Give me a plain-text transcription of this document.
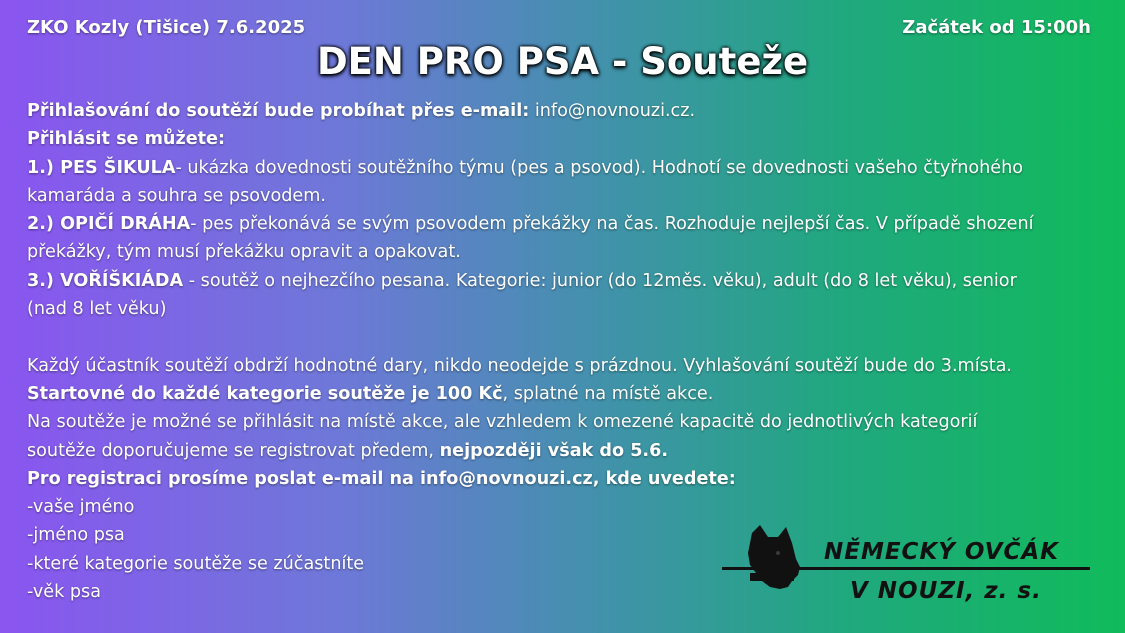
ZKO Kozly (Tišice) 7.6.2025	Začátek od 15:00h
DEN PRO PSA - Souteže
Přihlašování do soutěží bude probíhat přes e-mail: info@novnouzi.cz.
Přihlásit se můžete:
1.) PES ŠIKULA- ukázka dovednosti soutěžního týmu (pes a psovod). Hodnotí se dovednosti vašeho čtyřnohého
kamaráda a souhra se psovodem.
2.) OPIČÍ DRÁHA- pes překonává se svým psovodem překážky na čas. Rozhoduje nejlepší čas. V případě shození
překážky, tým musí překážku opravit a opakovat.
3.) VOŘÍŠKIÁDA - soutěž o nejhezčího pesana. Kategorie: junior (do 12měs. věku), adult (do 8 let věku), senior
(nad 8 let věku)
Každý účastník soutěží obdrží hodnotné dary, nikdo neodejde s prázdnou. Vyhlašování soutěží bude do 3.místa.
Startovné do každé kategorie soutěže je 100 Kč, splatné na místě akce.
Na soutěže je možné se přihlásit na místě akce, ale vzhledem k omezené kapacitě do jednotlivých kategorií
soutěže doporučujeme se registrovat předem, nejpozději však do 5.6.
Pro registraci prosíme poslat e-mail na info@novnouzi.cz, kde uvedete:
-vaše jméno
-jméno psa
-které kategorie soutěže se zúčastníte
-věk psa
NĚMECKÝ OVČÁK
V NOUZI, z. s.
